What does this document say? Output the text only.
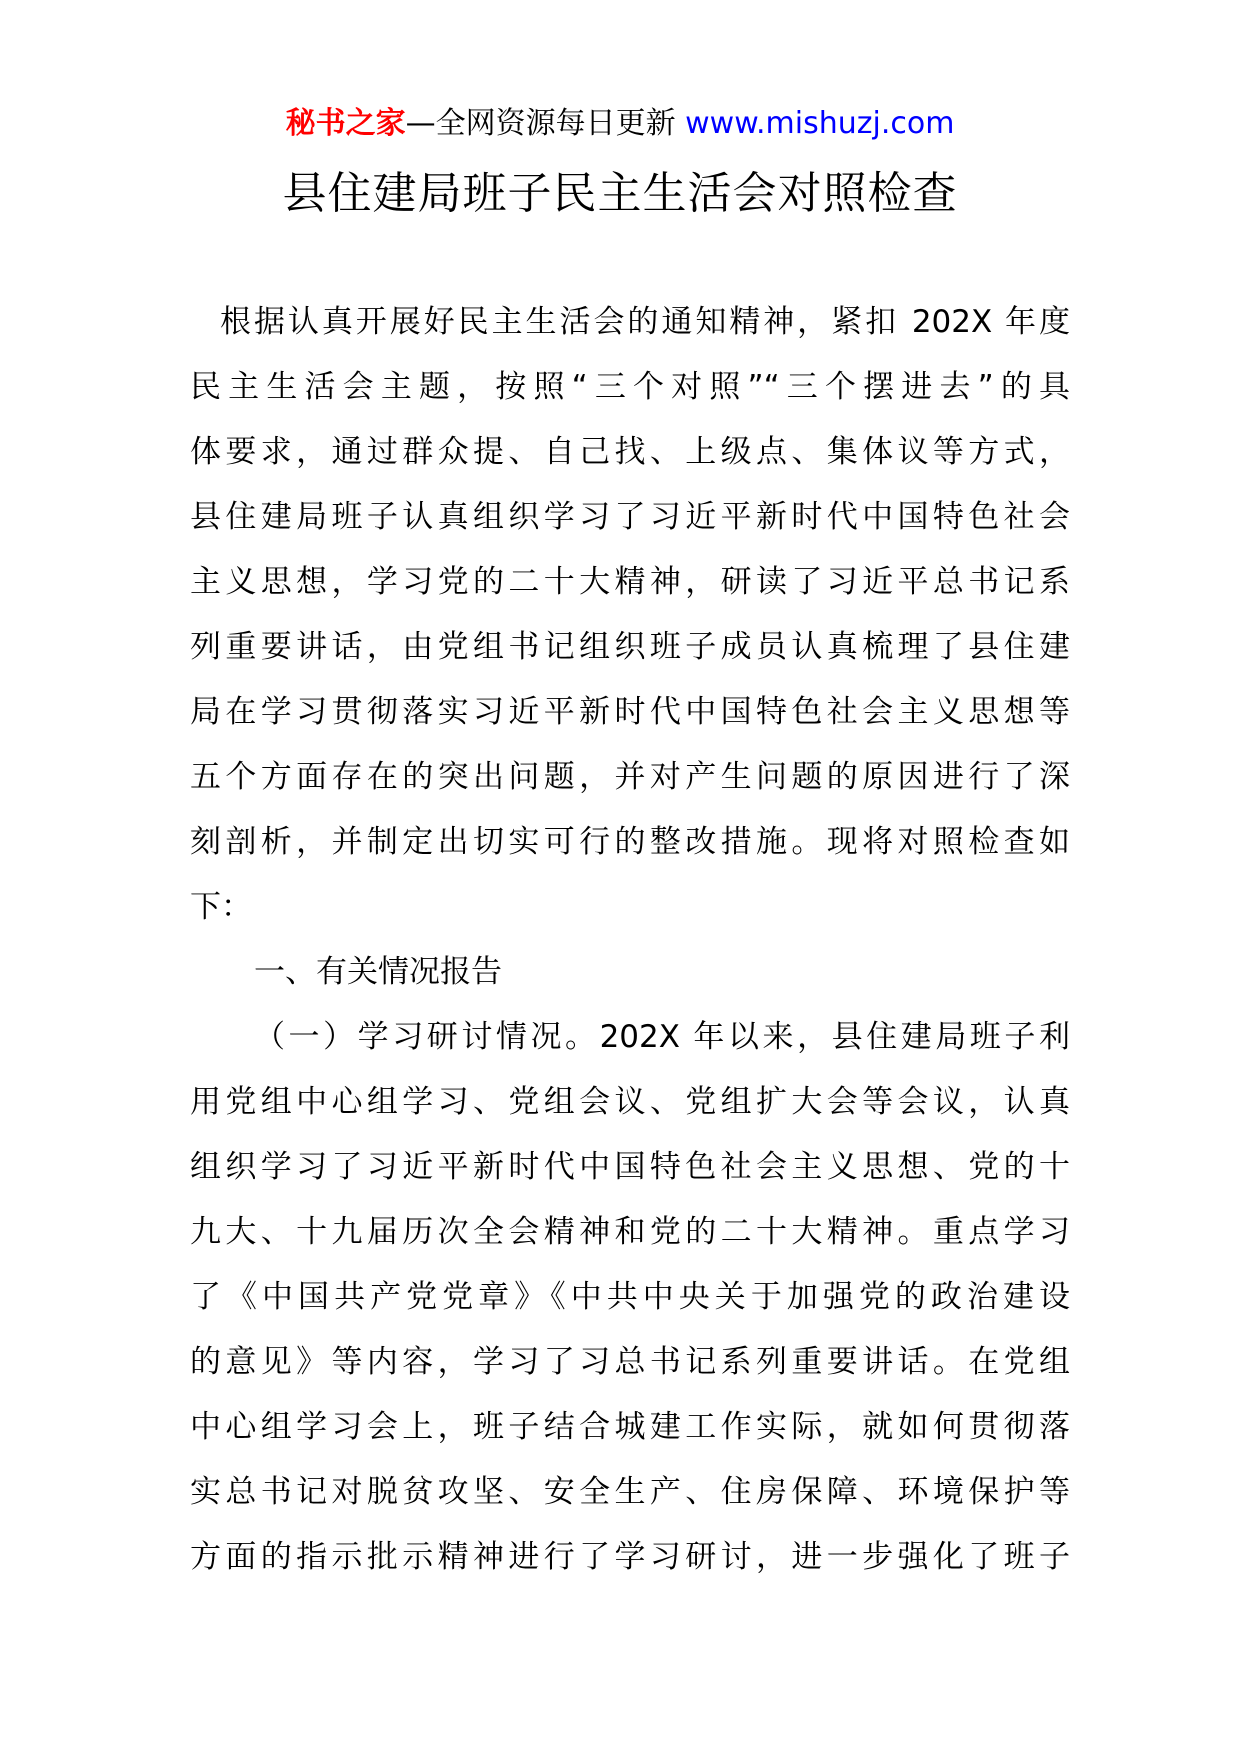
秘书之家—全网资源每日更新 www.mishuzj.com
县住建局班子民主生活会对照检查
根据认真开展好民主生活会的通知精神，紧扣 202X 年度
民主生活会主题，按照“三个对照”“三个摆进去”的具
体要求，通过群众提、自己找、上级点、集体议等方式，
县住建局班子认真组织学习了习近平新时代中国特色社会
主义思想，学习党的二十大精神，研读了习近平总书记系
列重要讲话，由党组书记组织班子成员认真梳理了县住建
局在学习贯彻落实习近平新时代中国特色社会主义思想等
五个方面存在的突出问题，并对产生问题的原因进行了深
刻剖析，并制定出切实可行的整改措施。现将对照检查如
下：
一、有关情况报告
（一）学习研讨情况。202X 年以来，县住建局班子利
用党组中心组学习、党组会议、党组扩大会等会议，认真
组织学习了习近平新时代中国特色社会主义思想、党的十
九大、十九届历次全会精神和党的二十大精神。重点学习
了《中国共产党党章》《中共中央关于加强党的政治建设
的意见》等内容，学习了习总书记系列重要讲话。在党组
中心组学习会上，班子结合城建工作实际，就如何贯彻落
实总书记对脱贫攻坚、安全生产、住房保障、环境保护等
方面的指示批示精神进行了学习研讨，进一步强化了班子
